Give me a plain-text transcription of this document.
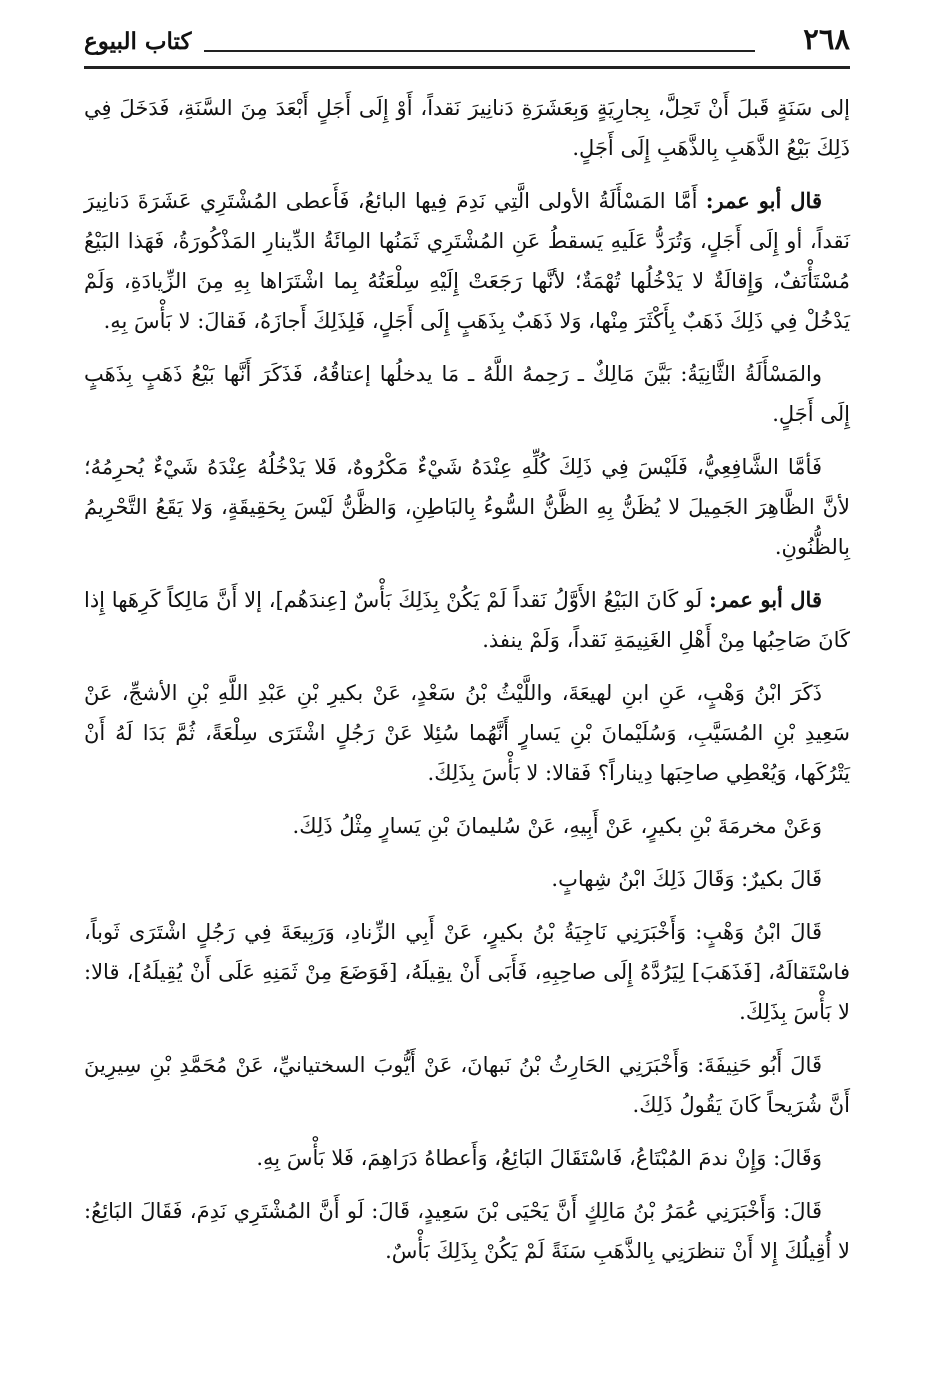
٢٦٨
كتاب البيوع

إلى سَنَةٍ قَبلَ أَنْ تَحِلَّ، بِجارِيَةٍ وَبِعَشَرَةِ دَنانِيرَ نَقداً، أَوْ إِلَى أَجَلٍ أَبْعَدَ مِنَ السَّنَةِ، فَدَخَلَ فِي ذَلِكَ بَيْعُ الذَّهَبِ بِالذَّهَبِ إِلَى أَجَلٍ.

قال أبو عمر: أَمَّا المَسْأَلَةُ الأولى الَّتِي نَدِمَ فِيها البائعُ، فَأَعطى المُشْتَرِي عَشَرَةَ دَنانِيرَ نَقداً، أو إِلَى أَجَلٍ، وَتُرَدُّ عَلَيهِ يَسقطُ عَنِ المُشْتَرِي ثَمَنُها المِائَةُ الدِّينارِ المَذْكُورَةُ، فَهَذا البَيْعُ مُسْتَأْنَفٌ، وَإِقالَةٌ لا يَدْخُلُها تُهْمَةٌ؛ لأنَّها رَجَعَتْ إِلَيْهِ سِلْعَتُهُ بِما اشْتَرَاها بِهِ مِنَ الزِّيادَةِ، وَلَمْ يَدْخُلْ فِي ذَلِكَ ذَهَبٌ بِأَكْثَرَ مِنْها، وَلا ذَهَبٌ بِذَهَبٍ إِلَى أَجَلٍ، فَلِذَلِكَ أَجازَهُ، فَقالَ: لا بَأْسَ بِهِ.

والمَسْأَلَةُ الثَّانِيَةُ: بَيَّنَ مَالِكٌ ـ رَحِمهُ اللَّهُ ـ مَا يدخلُها إعتاقُهُ، فَذَكَرَ أَنَّها بَيْعُ ذَهَبٍ بِذَهَبٍ إِلَى أَجَلٍ.

فَأمَّا الشَّافِعِيُّ، فَلَيْسَ فِي ذَلِكَ كُلِّهِ عِنْدَهُ شَيْءٌ مَكْرُوهٌ، فَلا يَدْخُلُهُ عِنْدَهُ شَيْءٌ يُحرِمُهُ؛ لأنَّ الظَّاهِرَ الجَمِيلَ لا يُظَنُّ بِهِ الظَّنُّ السُّوءُ بِالبَاطِنِ، وَالظَّنُّ لَيْسَ بِحَقِيقَةٍ، وَلا يَقَعُ التَّحْرِيمُ بِالظُّنُونِ.

قال أبو عمر: لَو كَانَ البَيْعُ الأَوَّلُ نَقداً لَمْ يَكُنْ بِذَلِكَ بَأْسٌ [عِندَهُم]، إلا أَنَّ مَالِكاً كَرِهَها إِذا كَانَ صَاحِبُها مِنْ أَهْلِ الغَنِيمَةِ نَقداً، وَلَمْ ينفذ.

ذَكَرَ ابْنُ وَهْبٍ، عَنِ ابنِ لهيعَةَ، واللَّيْثُ بْنُ سَعْدٍ، عَنْ بكيرِ بْنِ عَبْدِ اللَّهِ بْنِ الأشجِّ، عَنْ سَعِيدِ بْنِ المُسَيَّبِ، وَسُلَيْمانَ بْنِ يَسارٍ أَنَّهُما سُئِلا عَنْ رَجُلٍ اشْتَرَى سِلْعَةً، ثُمَّ بَدَا لَهُ أَنْ يَتْرُكَها، وَيُعْطِي صاحِبَها دِيناراً؟ فَقالا: لا بَأْسَ بِذَلِكَ.

وَعَنْ مخرمَةَ بْنِ بكيرٍ، عَنْ أَبِيهِ، عَنْ سُليمانَ بْنِ يَسارٍ مِثْلُ ذَلِكَ.

قَالَ بكيرٌ: وَقَالَ ذَلِكَ ابْنُ شِهابٍ.

قَالَ ابْنُ وَهْبٍ: وَأَخْبَرَنِي نَاجِيَةُ بْنُ بكيرٍ، عَنْ أَبِي الزِّنادِ، وَرَبِيعَةَ فِي رَجُلٍ اشْتَرَى ثَوباً، فاسْتَقالَهُ، [فَذَهَبَ] لِيَرُدَّهُ إِلَى صاحِبِهِ، فَأَبَى أَنْ يقِيلَهُ، [فَوَضَعَ مِنْ ثَمَنِهِ عَلَى أَنْ يُقِيلَهُ]، قالا: لا بَأْسَ بِذَلِكَ.

قَالَ أَبُو حَنِيفَةَ: وَأَخْبَرَنِي الحَارِثُ بْنُ نَبهانَ، عَنْ أَيُّوبَ السختيانيِّ، عَنْ مُحَمَّدِ بْنِ سِيرِينَ أَنَّ شُرَيحاً كَانَ يَقُولُ ذَلِكَ.

وَقَالَ: وَإِنْ ندمَ المُبْتَاعُ، فَاسْتَقَالَ البَائِعُ، وَأَعطاهُ دَرَاهِمَ، فَلا بَأْسَ بِهِ.

قَالَ: وَأَخْبَرَنِي عُمَرُ بْنُ مَالِكٍ أَنَّ يَحْيَى بْنَ سَعِيدٍ، قَالَ: لَو أَنَّ المُشْتَرِي نَدِمَ، فَقَالَ البَائِعُ: لا أُقِيلُكَ إِلا أَنْ تنظرَنِي بِالذَّهَبِ سَنَةً لَمْ يَكُنْ بِذَلِكَ بَأْسٌ.
